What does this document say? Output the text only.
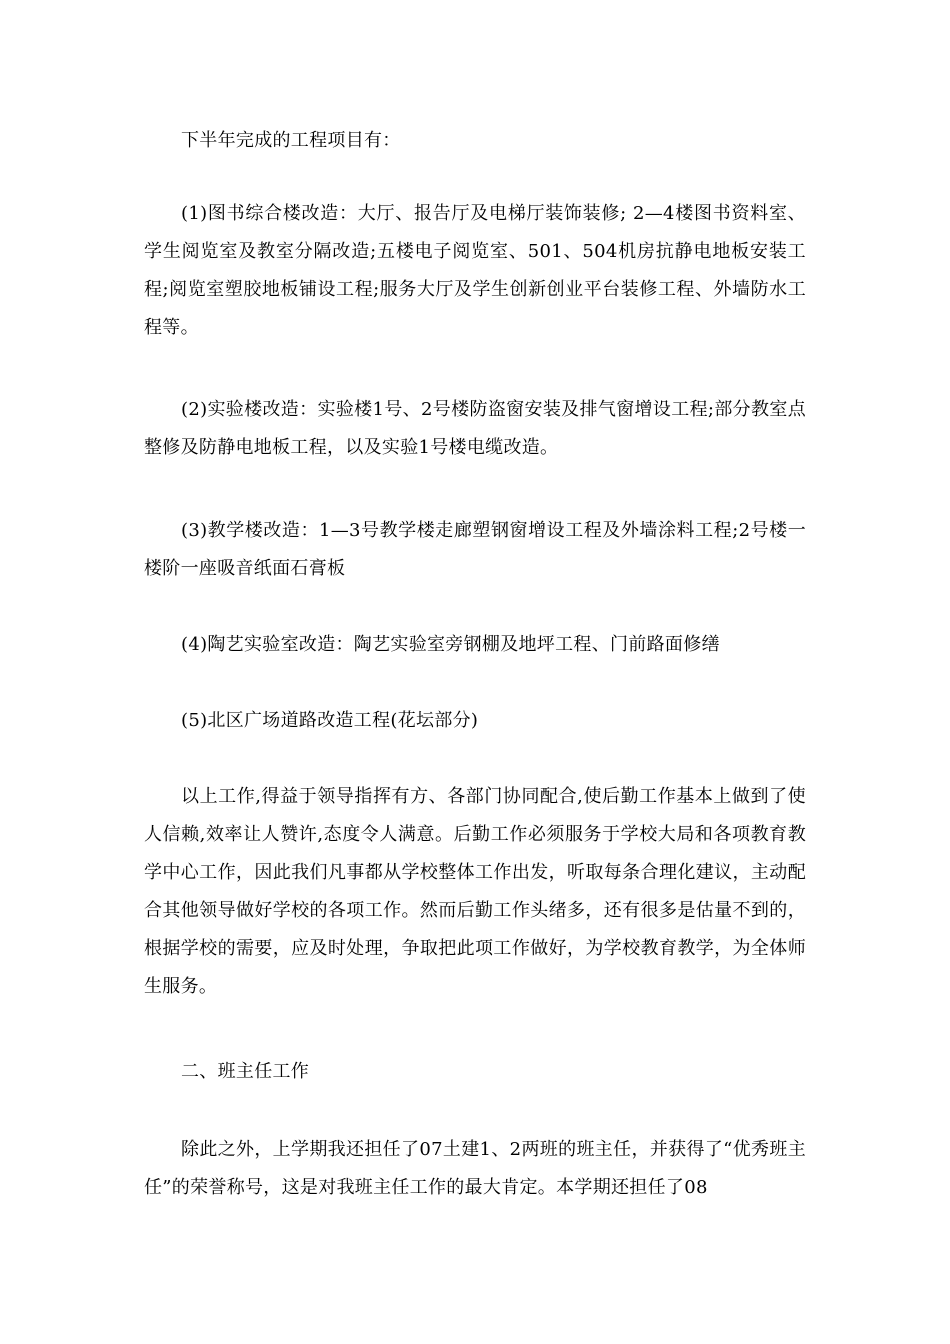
下半年完成的工程项目有：

(1)图书综合楼改造：大厅、报告厅及电梯厅装饰装修; 2—4楼图书资料室、学生阅览室及教室分隔改造;五楼电子阅览室、501、504机房抗静电地板安装工程;阅览室塑胶地板铺设工程;服务大厅及学生创新创业平台装修工程、外墙防水工程等。

(2)实验楼改造：实验楼1号、2号楼防盗窗安装及排气窗增设工程;部分教室点整修及防静电地板工程，以及实验1号楼电缆改造。

(3)教学楼改造：1—3号教学楼走廊塑钢窗增设工程及外墙涂料工程;2号楼一楼阶一座吸音纸面石膏板

(4)陶艺实验室改造：陶艺实验室旁钢棚及地坪工程、门前路面修缮

(5)北区广场道路改造工程(花坛部分)

以上工作,得益于领导指挥有方、各部门协同配合,使后勤工作基本上做到了使人信赖,效率让人赞许,态度令人满意。后勤工作必须服务于学校大局和各项教育教学中心工作，因此我们凡事都从学校整体工作出发，听取每条合理化建议，主动配合其他领导做好学校的各项工作。然而后勤工作头绪多，还有很多是估量不到的，根据学校的需要，应及时处理，争取把此项工作做好，为学校教育教学，为全体师生服务。

二、班主任工作

除此之外，上学期我还担任了07土建1、2两班的班主任，并获得了“优秀班主任”的荣誉称号，这是对我班主任工作的最大肯定。本学期还担任了08
